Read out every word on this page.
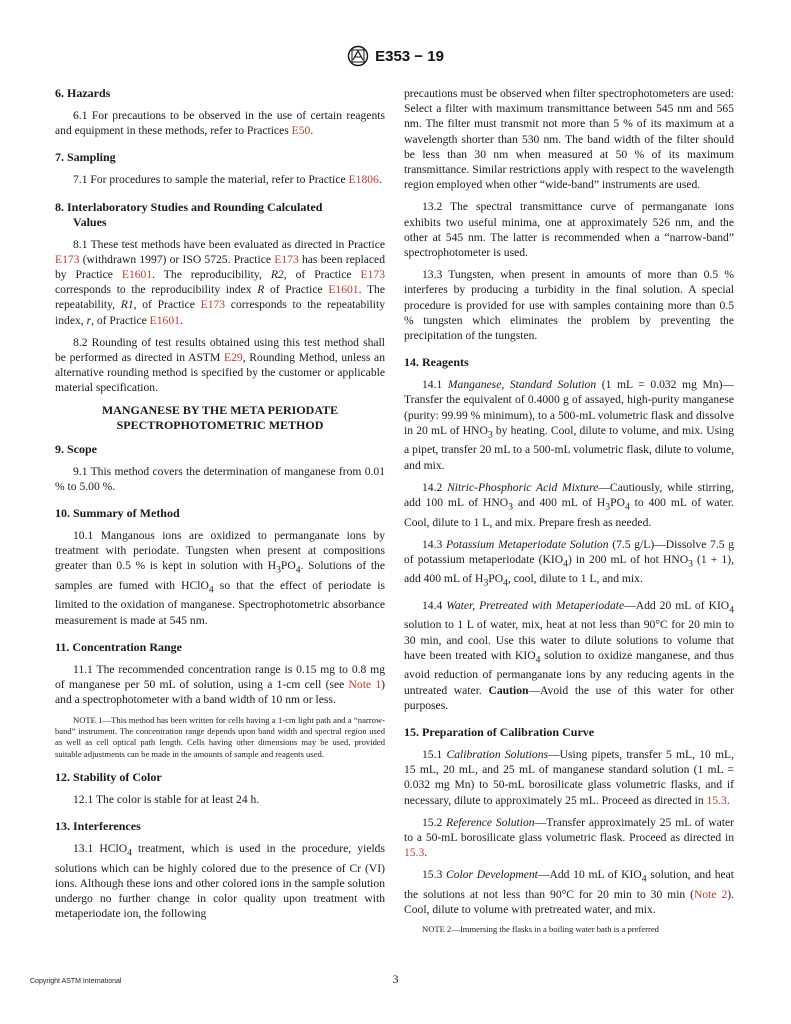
E353 − 19
6. Hazards

6.1 For precautions to be observed in the use of certain reagents and equipment in these methods, refer to Practices E50.

7. Sampling

7.1 For procedures to sample the material, refer to Practice E1806.

8. Interlaboratory Studies and Rounding Calculated
Values

8.1 These test methods have been evaluated as directed in Practice E173 (withdrawn 1997) or ISO 5725. Practice E173 has been replaced by Practice E1601. The reproducibility, R2, of Practice E173 corresponds to the reproducibility index R of Practice E1601. The repeatability, R1, of Practice E173 corresponds to the repeatability index, r, of Practice E1601.

8.2 Rounding of test results obtained using this test method shall be performed as directed in ASTM E29, Rounding Method, unless an alternative rounding method is specified by the customer or applicable material specification.

MANGANESE BY THE META PERIODATE
SPECTROPHOTOMETRIC METHOD
9. Scope

9.1 This method covers the determination of manganese from 0.01 % to 5.00 %.

10. Summary of Method

10.1 Manganous ions are oxidized to permanganate ions by treatment with periodate. Tungsten when present at compositions greater than 0.5 % is kept in solution with $H_3PO_4$. Solutions of the samples are fumed with HClO$_4$ so that the effect of periodate is limited to the oxidation of manganese. Spectrophotometric absorbance measurement is made at 545 nm.

11. Concentration Range

11.1 The recommended concentration range is 0.15 mg to 0.8 mg of manganese per 50 mL of solution, using a 1-cm cell (see Note 1) and a spectrophotometer with a band width of 10 nm or less.

NOTE 1—This method has been written for cells having a 1-cm light path and a “narrow-band” instrument. The concentration range depends upon band width and spectral region used as well as cell optical path length. Cells having other dimensions may be used, provided suitable adjustments can be made in the amounts of sample and reagents used.

12. Stability of Color

12.1 The color is stable for at least 24 h.

13. Interferences

13.1 HClO$_4$ treatment, which is used in the procedure, yields solutions which can be highly colored due to the presence of Cr (VI) ions. Although these ions and other colored ions in the sample solution undergo no further change in color quality upon treatment with metaperiodate ion, the following

precautions must be observed when filter spectrophotometers are used: Select a filter with maximum transmittance between 545 nm and 565 nm. The filter must transmit not more than 5 % of its maximum at a wavelength shorter than 530 nm. The band width of the filter should be less than 30 nm when measured at 50 % of its maximum transmittance. Similar restrictions apply with respect to the wavelength region employed when other “wide-band” instruments are used.

13.2 The spectral transmittance curve of permanganate ions exhibits two useful minima, one at approximately 526 nm, and the other at 545 nm. The latter is recommended when a “narrow-band” spectrophotometer is used.

13.3 Tungsten, when present in amounts of more than 0.5 % interferes by producing a turbidity in the final solution. A special procedure is provided for use with samples containing more than 0.5 % tungsten which eliminates the problem by preventing the precipitation of the tungsten.

14. Reagents

14.1 Manganese, Standard Solution (1 mL = 0.032 mg Mn)—Transfer the equivalent of 0.4000 g of assayed, high-purity manganese (purity: 99.99 % minimum), to a 500-mL volumetric flask and dissolve in 20 mL of $HNO_3$ by heating. Cool, dilute to volume, and mix. Using a pipet, transfer 20 mL to a 500-mL volumetric flask, dilute to volume, and mix.

14.2 Nitric-Phosphoric Acid Mixture—Cautiously, while stirring, add 100 mL of $HNO_3$ and 400 mL of $H_3PO_4$ to 400 mL of water. Cool, dilute to 1 L, and mix. Prepare fresh as needed.

14.3 Potassium Metaperiodate Solution (7.5 g/L)—Dissolve 7.5 g of potassium metaperiodate $(KIO_4)$ in 200 mL of hot $HNO_3$ (1 + 1), add 400 mL of $H_3PO_4$, cool, dilute to 1 L, and mix.

14.4 Water, Pretreated with Metaperiodate—Add 20 mL of $KIO_4$ solution to 1 L of water, mix, heat at not less than 90°C for 20 min to 30 min, and cool. Use this water to dilute solutions to volume that have been treated with $KIO_4$ solution to oxidize manganese, and thus avoid reduction of permanganate ions by any reducing agents in the untreated water. Caution—Avoid the use of this water for other purposes.

15. Preparation of Calibration Curve

15.1 Calibration Solutions—Using pipets, transfer 5 mL, 10 mL, 15 mL, 20 mL, and 25 mL of manganese standard solution (1 mL = 0.032 mg Mn) to 50-mL borosilicate glass volumetric flasks, and if necessary, dilute to approximately 25 mL. Proceed as directed in 15.3.

15.2 Reference Solution—Transfer approximately 25 mL of water to a 50-mL borosilicate glass volumetric flask. Proceed as directed in 15.3.

15.3 Color Development—Add 10 mL of $KIO_4$ solution, and heat the solutions at not less than 90°C for 20 min to 30 min (Note 2). Cool, dilute to volume with pretreated water, and mix.

NOTE 2—Immersing the flasks in a boiling water bath is a preferred

Copyright ASTM International	3
